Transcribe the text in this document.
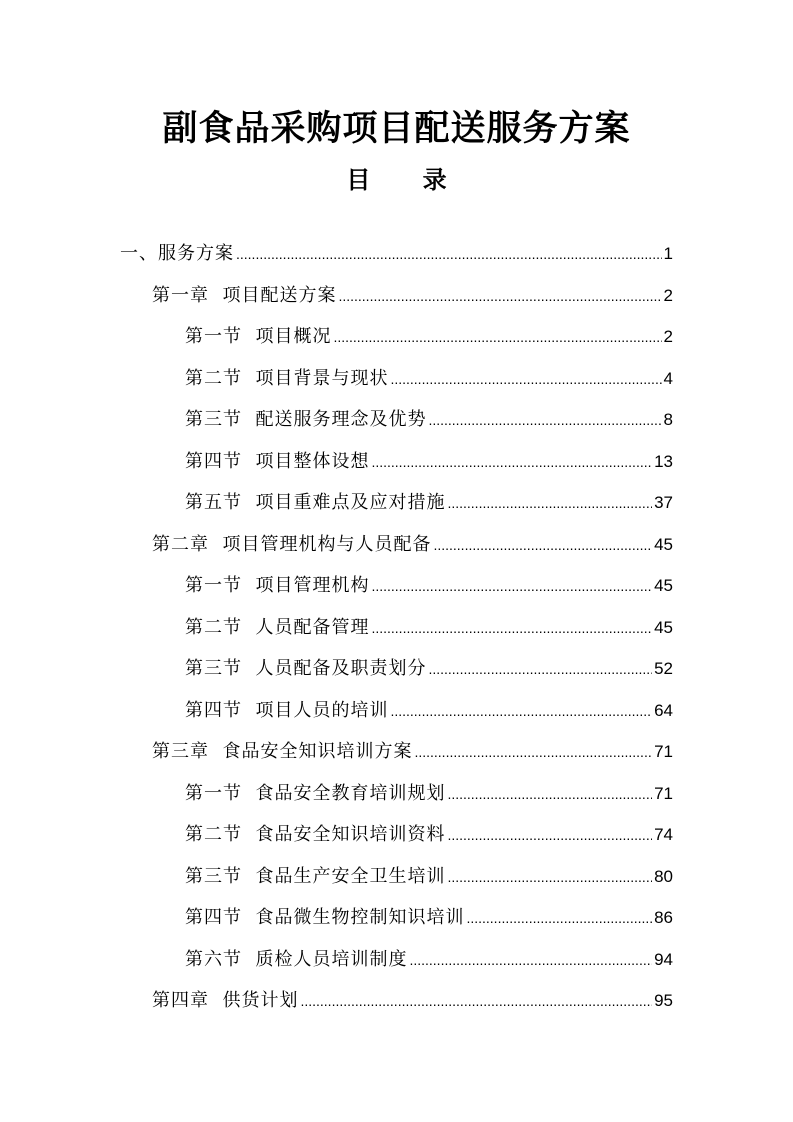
副食品采购项目配送服务方案
目 录
一、服务方案 .....	1
第一章  项目配送方案 .....	2
第一节  项目概况 .....	2
第二节  项目背景与现状 .....	4
第三节  配送服务理念及优势 .....	8
第四节  项目整体设想 .....	13
第五节  项目重难点及应对措施 .....	37
第二章  项目管理机构与人员配备 .....	45
第一节  项目管理机构 .....	45
第二节  人员配备管理 .....	45
第三节  人员配备及职责划分 .....	52
第四节  项目人员的培训 .....	64
第三章  食品安全知识培训方案 .....	71
第一节  食品安全教育培训规划 .....	71
第二节  食品安全知识培训资料 .....	74
第三节  食品生产安全卫生培训 .....	80
第四节  食品微生物控制知识培训 .....	86
第六节  质检人员培训制度 .....	94
第四章  供货计划 .....	95
